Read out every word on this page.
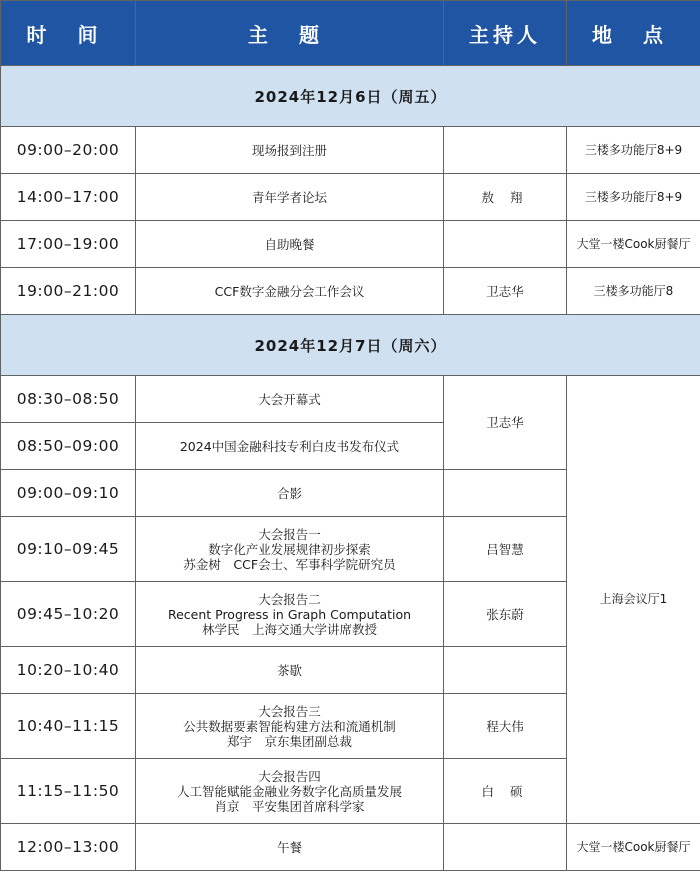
时 间	主 题	主持人	地 点
2024年12月6日（周五）			
09:00–20:00	现场报到注册		三楼多功能厅8+9
14:00–17:00	青年学者论坛	敖 翔	三楼多功能厅8+9
17:00–19:00	自助晚餐		大堂一楼Cook厨餐厅
19:00–21:00	CCF数字金融分会工作会议	卫志华	三楼多功能厅8
2024年12月7日（周六）			
08:30–08:50	大会开幕式	卫志华	上海会议厅1
08:50–09:00	2024中国金融科技专利白皮书发布仪式		

09:00–09:10	合影		

09:10–09:45	大会报告一
数字化产业发展规律初步探索
苏金树　CCF会士、军事科学院研究员	吕智慧	
09:45–10:20	大会报告二
Recent Progress in Graph Computation
林学民　上海交通大学讲席教授	张东蔚	
10:20–10:40	茶歇		

10:40–11:15	大会报告三
公共数据要素智能构建方法和流通机制
郑宇　京东集团副总裁	程大伟	
11:15–11:50	大会报告四
人工智能赋能金融业务数字化高质量发展
肖京　平安集团首席科学家	白 硕	
12:00–13:00	午餐		大堂一楼Cook厨餐厅
